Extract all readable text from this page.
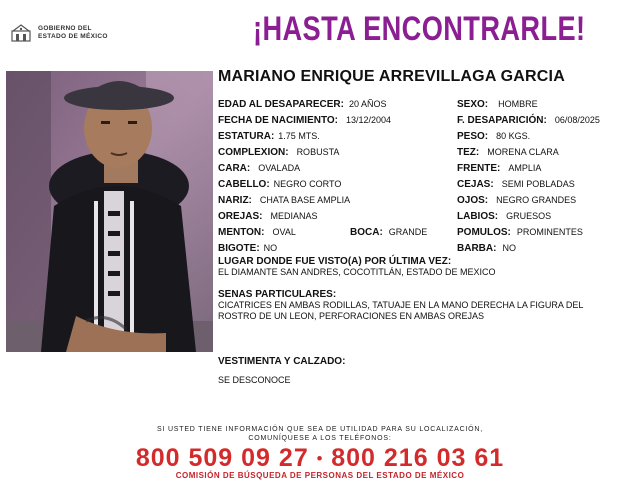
GOBIERNO DEL
ESTADO DE MÉXICO	¡HASTA ENCONTRARLE!
MARIANO ENRIQUE ARREVILLAGA GARCIA
EDAD AL DESAPARECER: 20 AÑOS	SEXO: HOMBRE
FECHA DE NACIMIENTO: 13/12/2004	F. DESAPARICIÓN: 06/08/2025
ESTATURA: 1.75 MTS.	PESO: 80 KGS.
COMPLEXION: ROBUSTA	TEZ: MORENA CLARA
CARA: OVALADA	FRENTE: AMPLIA
CABELLO: NEGRO CORTO	CEJAS: SEMI POBLADAS
NARIZ: CHATA BASE AMPLIA	OJOS: NEGRO GRANDES
OREJAS: MEDIANAS	LABIOS: GRUESOS
MENTON: OVAL	BOCA: GRANDE	POMULOS: PROMINENTES
BIGOTE: NO	BARBA: NO
LUGAR DONDE FUE VISTO(A) POR ÚLTIMA VEZ:
EL DIAMANTE SAN ANDRES, COCOTITLÁN, ESTADO DE MEXICO
SENAS PARTICULARES:
CICATRICES EN AMBAS RODILLAS, TATUAJE EN LA MANO DERECHA LA FIGURA DEL
ROSTRO DE UN LEON, PERFORACIONES EN AMBAS OREJAS
VESTIMENTA Y CALZADO:
SE DESCONOCE
SI USTED TIENE INFORMACIÓN QUE SEA DE UTILIDAD PARA SU LOCALIZACIÓN,
COMUNÍQUESE A LOS TELÉFONOS:
800 509 09 27 • 800 216 03 61
COMISIÓN DE BÚSQUEDA DE PERSONAS DEL ESTADO DE MÉXICO
